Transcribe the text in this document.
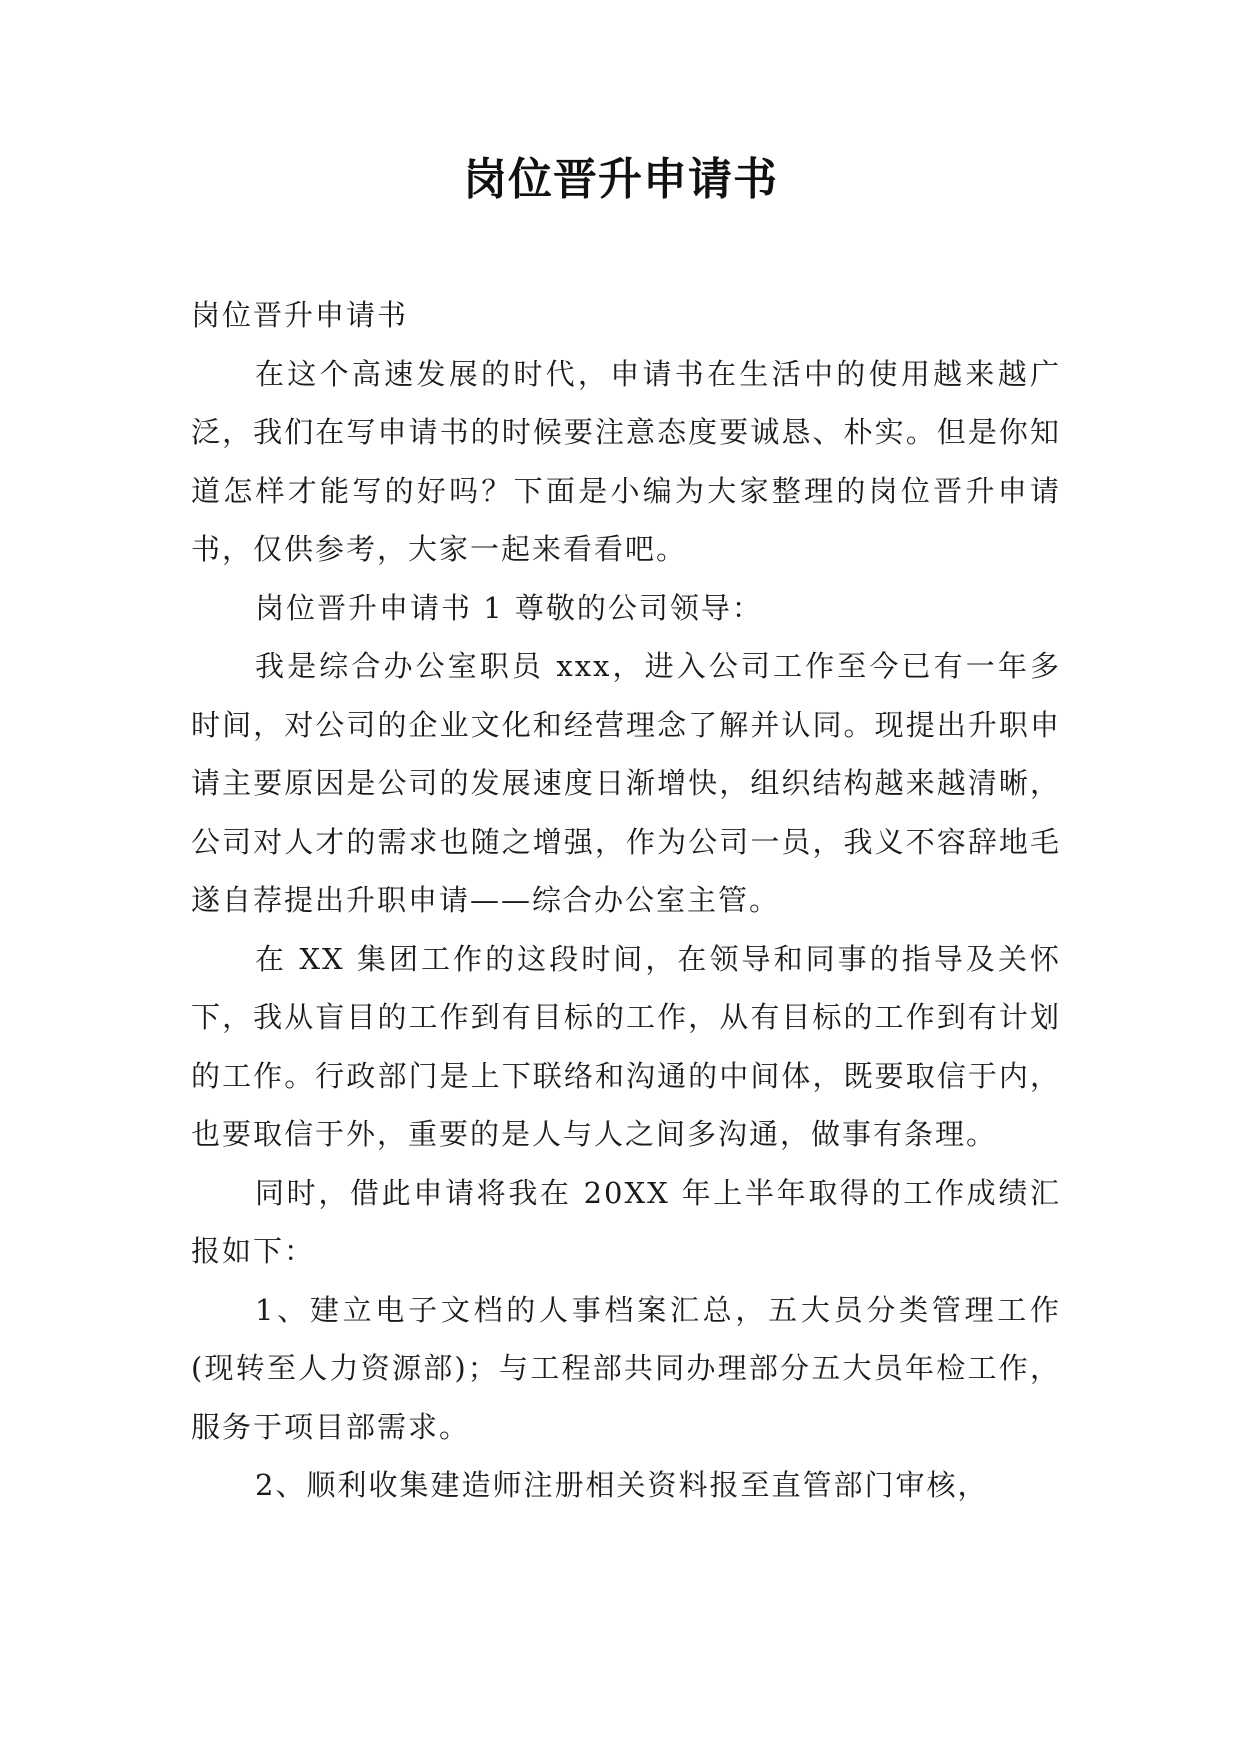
岗位晋升申请书

岗位晋升申请书

在这个高速发展的时代，申请书在生活中的使用越来越广泛，我们在写申请书的时候要注意态度要诚恳、朴实。但是你知道怎样才能写的好吗？下面是小编为大家整理的岗位晋升申请书，仅供参考，大家一起来看看吧。

岗位晋升申请书 1 尊敬的公司领导：

我是综合办公室职员 xxx，进入公司工作至今已有一年多时间，对公司的企业文化和经营理念了解并认同。现提出升职申请主要原因是公司的发展速度日渐增快，组织结构越来越清晰，公司对人才的需求也随之增强，作为公司一员，我义不容辞地毛遂自荐提出升职申请——综合办公室主管。

在 XX 集团工作的这段时间，在领导和同事的指导及关怀下，我从盲目的工作到有目标的工作，从有目标的工作到有计划的工作。行政部门是上下联络和沟通的中间体，既要取信于内，也要取信于外，重要的是人与人之间多沟通，做事有条理。

同时，借此申请将我在 20XX 年上半年取得的工作成绩汇报如下：

1、建立电子文档的人事档案汇总，五大员分类管理工作(现转至人力资源部)；与工程部共同办理部分五大员年检工作，服务于项目部需求。

2、顺利收集建造师注册相关资料报至直管部门审核，
